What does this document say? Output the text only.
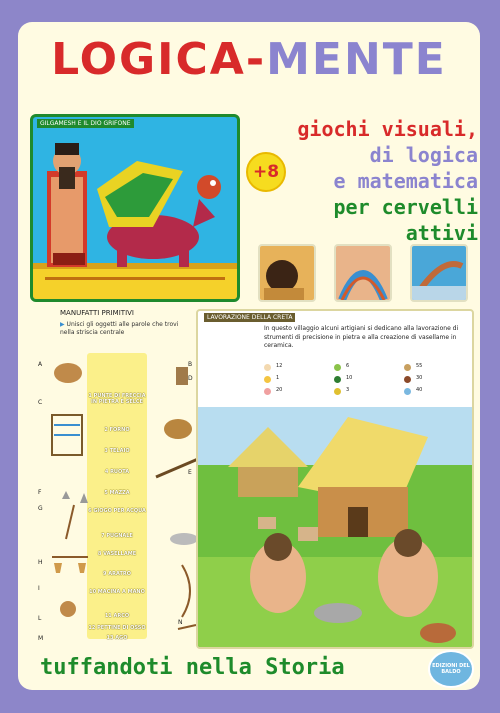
LOGICA-MENTE
GILGAMESH E IL DIO GRIFONE	giochi visuali,
di logica
e matematica
per cervelli attivi
+8
MANUFATTI PRIMITIVI
▶ Unisci gli oggetti alle parole che trovi nella striscia centrale
1 PUNTE DI FRECCIA IN PIETRA E SELCE
2 FORNO
3 TELAIO
4 RUOTA
5 MAZZA
6 GIOGO PER ACQUA
7 PUGNALE
8 VASELLAME
9 ARATRO
10 MACINA A MANO
11 ARCO
12 PETTINE DI OSSO
13 AGO
A
C
F
G
H
I
L
M
B
D
E
N
LAVORAZIONE DELLA CRETA
In questo villaggio alcuni artigiani si dedicano alla lavorazione di strumenti di precisione in pietra e alla creazione di vasellame in ceramica.
12
1
20
6
10
3
55
30
40
tuffandoti nella Storia	EDIZIONI DEL BALDO
